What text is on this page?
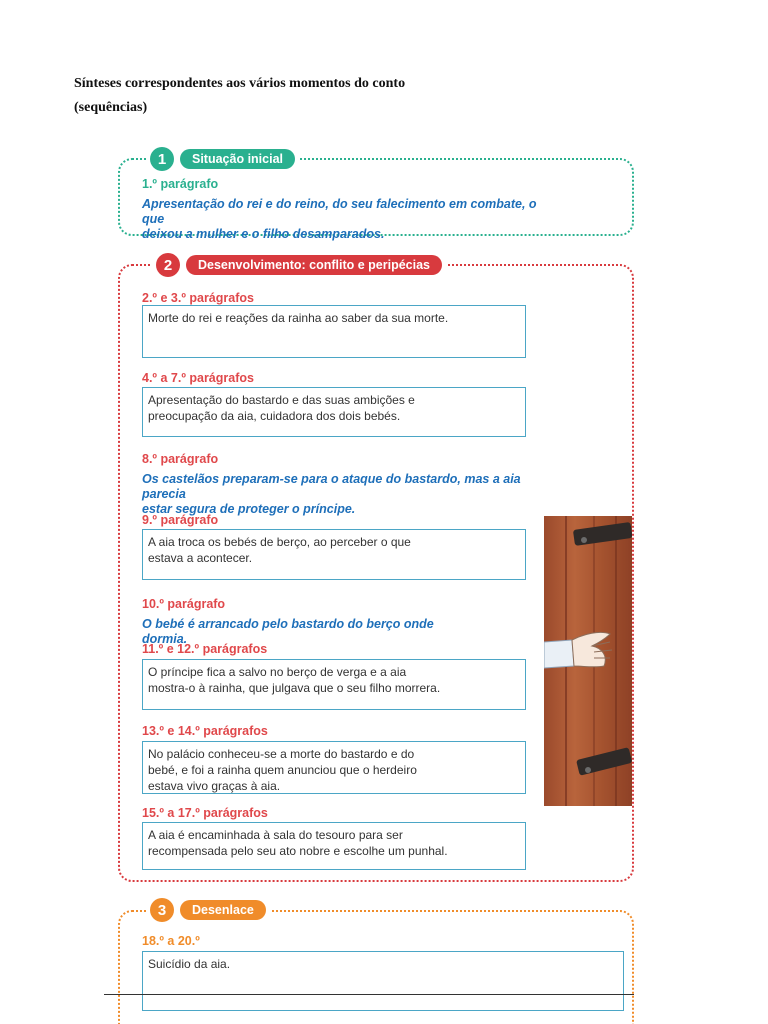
Sínteses correspondentes aos vários momentos do conto
(sequências)
1	Situação inicial
2	Desenvolvimento: conflito e peripécias
3	Desenlace
1.º parágrafo
Apresentação do rei e do reino, do seu falecimento em combate, o
que
deixou a mulher e o filho desamparados.
2.º e 3.º parágrafos
Morte do rei e reações da rainha ao saber da sua morte.
4.º a 7.º parágrafos
Apresentação do bastardo e das suas ambições e
preocupação da aia, cuidadora dos dois bebés.
8.º parágrafo
Os castelãos preparam-se para o ataque do bastardo, mas a aia
parecia
estar segura de proteger o príncipe.
9.º parágrafo
A aia troca os bebés de berço, ao perceber o que
estava a acontecer.
10.º parágrafo
O bebé é arrancado pelo bastardo do berço onde
dormia.
11.º e 12.º parágrafos
O príncipe fica a salvo no berço de verga e a aia
mostra-o à rainha, que julgava que o seu filho morrera.
13.º e 14.º parágrafos
No palácio conheceu-se a morte do bastardo e do
bebé, e foi a rainha quem anunciou que o herdeiro
estava vivo graças à aia.
15.º a 17.º parágrafos
A aia é encaminhada à sala do tesouro para ser
recompensada pelo seu ato nobre e escolhe um punhal.
18.º a 20.º
Suicídio da aia.
